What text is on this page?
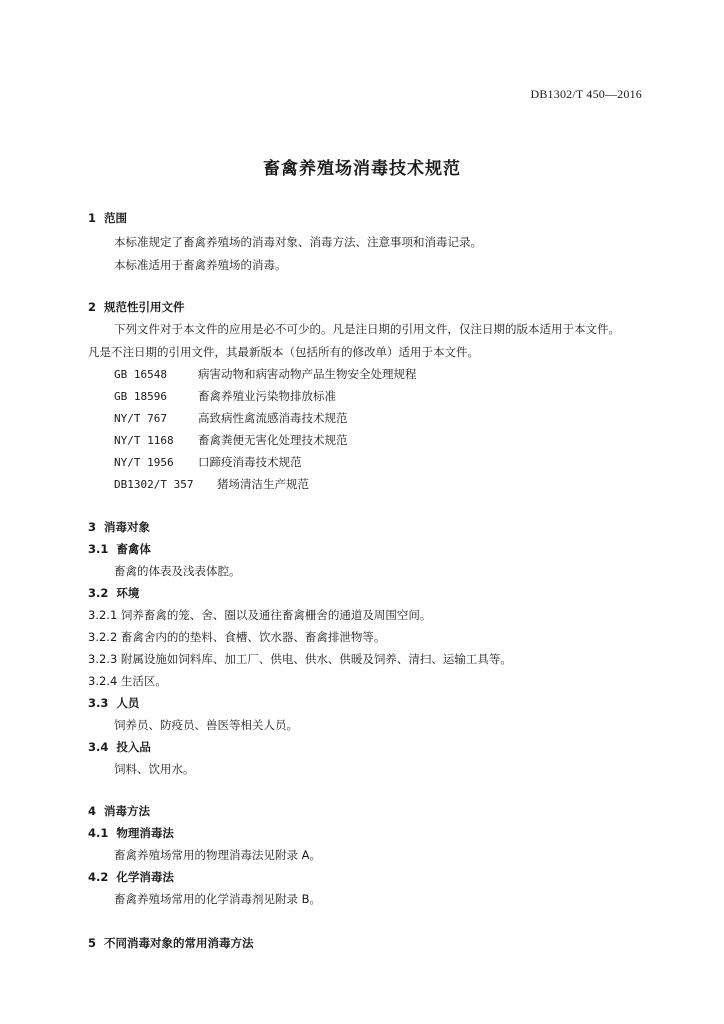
DB1302/T 450—2016
畜禽养殖场消毒技术规范
1 范围
本标准规定了畜禽养殖场的消毒对象、消毒方法、注意事项和消毒记录。
本标准适用于畜禽养殖场的消毒。
2 规范性引用文件
下列文件对于本文件的应用是必不可少的。凡是注日期的引用文件，仅注日期的版本适用于本文件。
凡是不注日期的引用文件，其最新版本（包括所有的修改单）适用于本文件。
GB 16548	病害动物和病害动物产品生物安全处理规程
GB 18596	畜禽养殖业污染物排放标准
NY/T 767	高致病性禽流感消毒技术规范
NY/T 1168 畜禽粪便无害化处理技术规范
NY/T 1956 口蹄疫消毒技术规范
DB1302/T 357 猪场清洁生产规范
3 消毒对象
3.1 畜禽体
畜禽的体表及浅表体腔。
3.2 环境
3.2.1 饲养畜禽的笼、舍、圈以及通往畜禽栅舍的通道及周围空间。
3.2.2 畜禽舍内的的垫料、食槽、饮水器、畜禽排泄物等。
3.2.3 附属设施如饲料库、加工厂、供电、供水、供暖及饲养、清扫、运输工具等。
3.2.4 生活区。
3.3 人员
饲养员、防疫员、兽医等相关人员。
3.4 投入品
饲料、饮用水。
4 消毒方法
4.1 物理消毒法
畜禽养殖场常用的物理消毒法见附录 A。
4.2 化学消毒法
畜禽养殖场常用的化学消毒剂见附录 B。
5 不同消毒对象的常用消毒方法
